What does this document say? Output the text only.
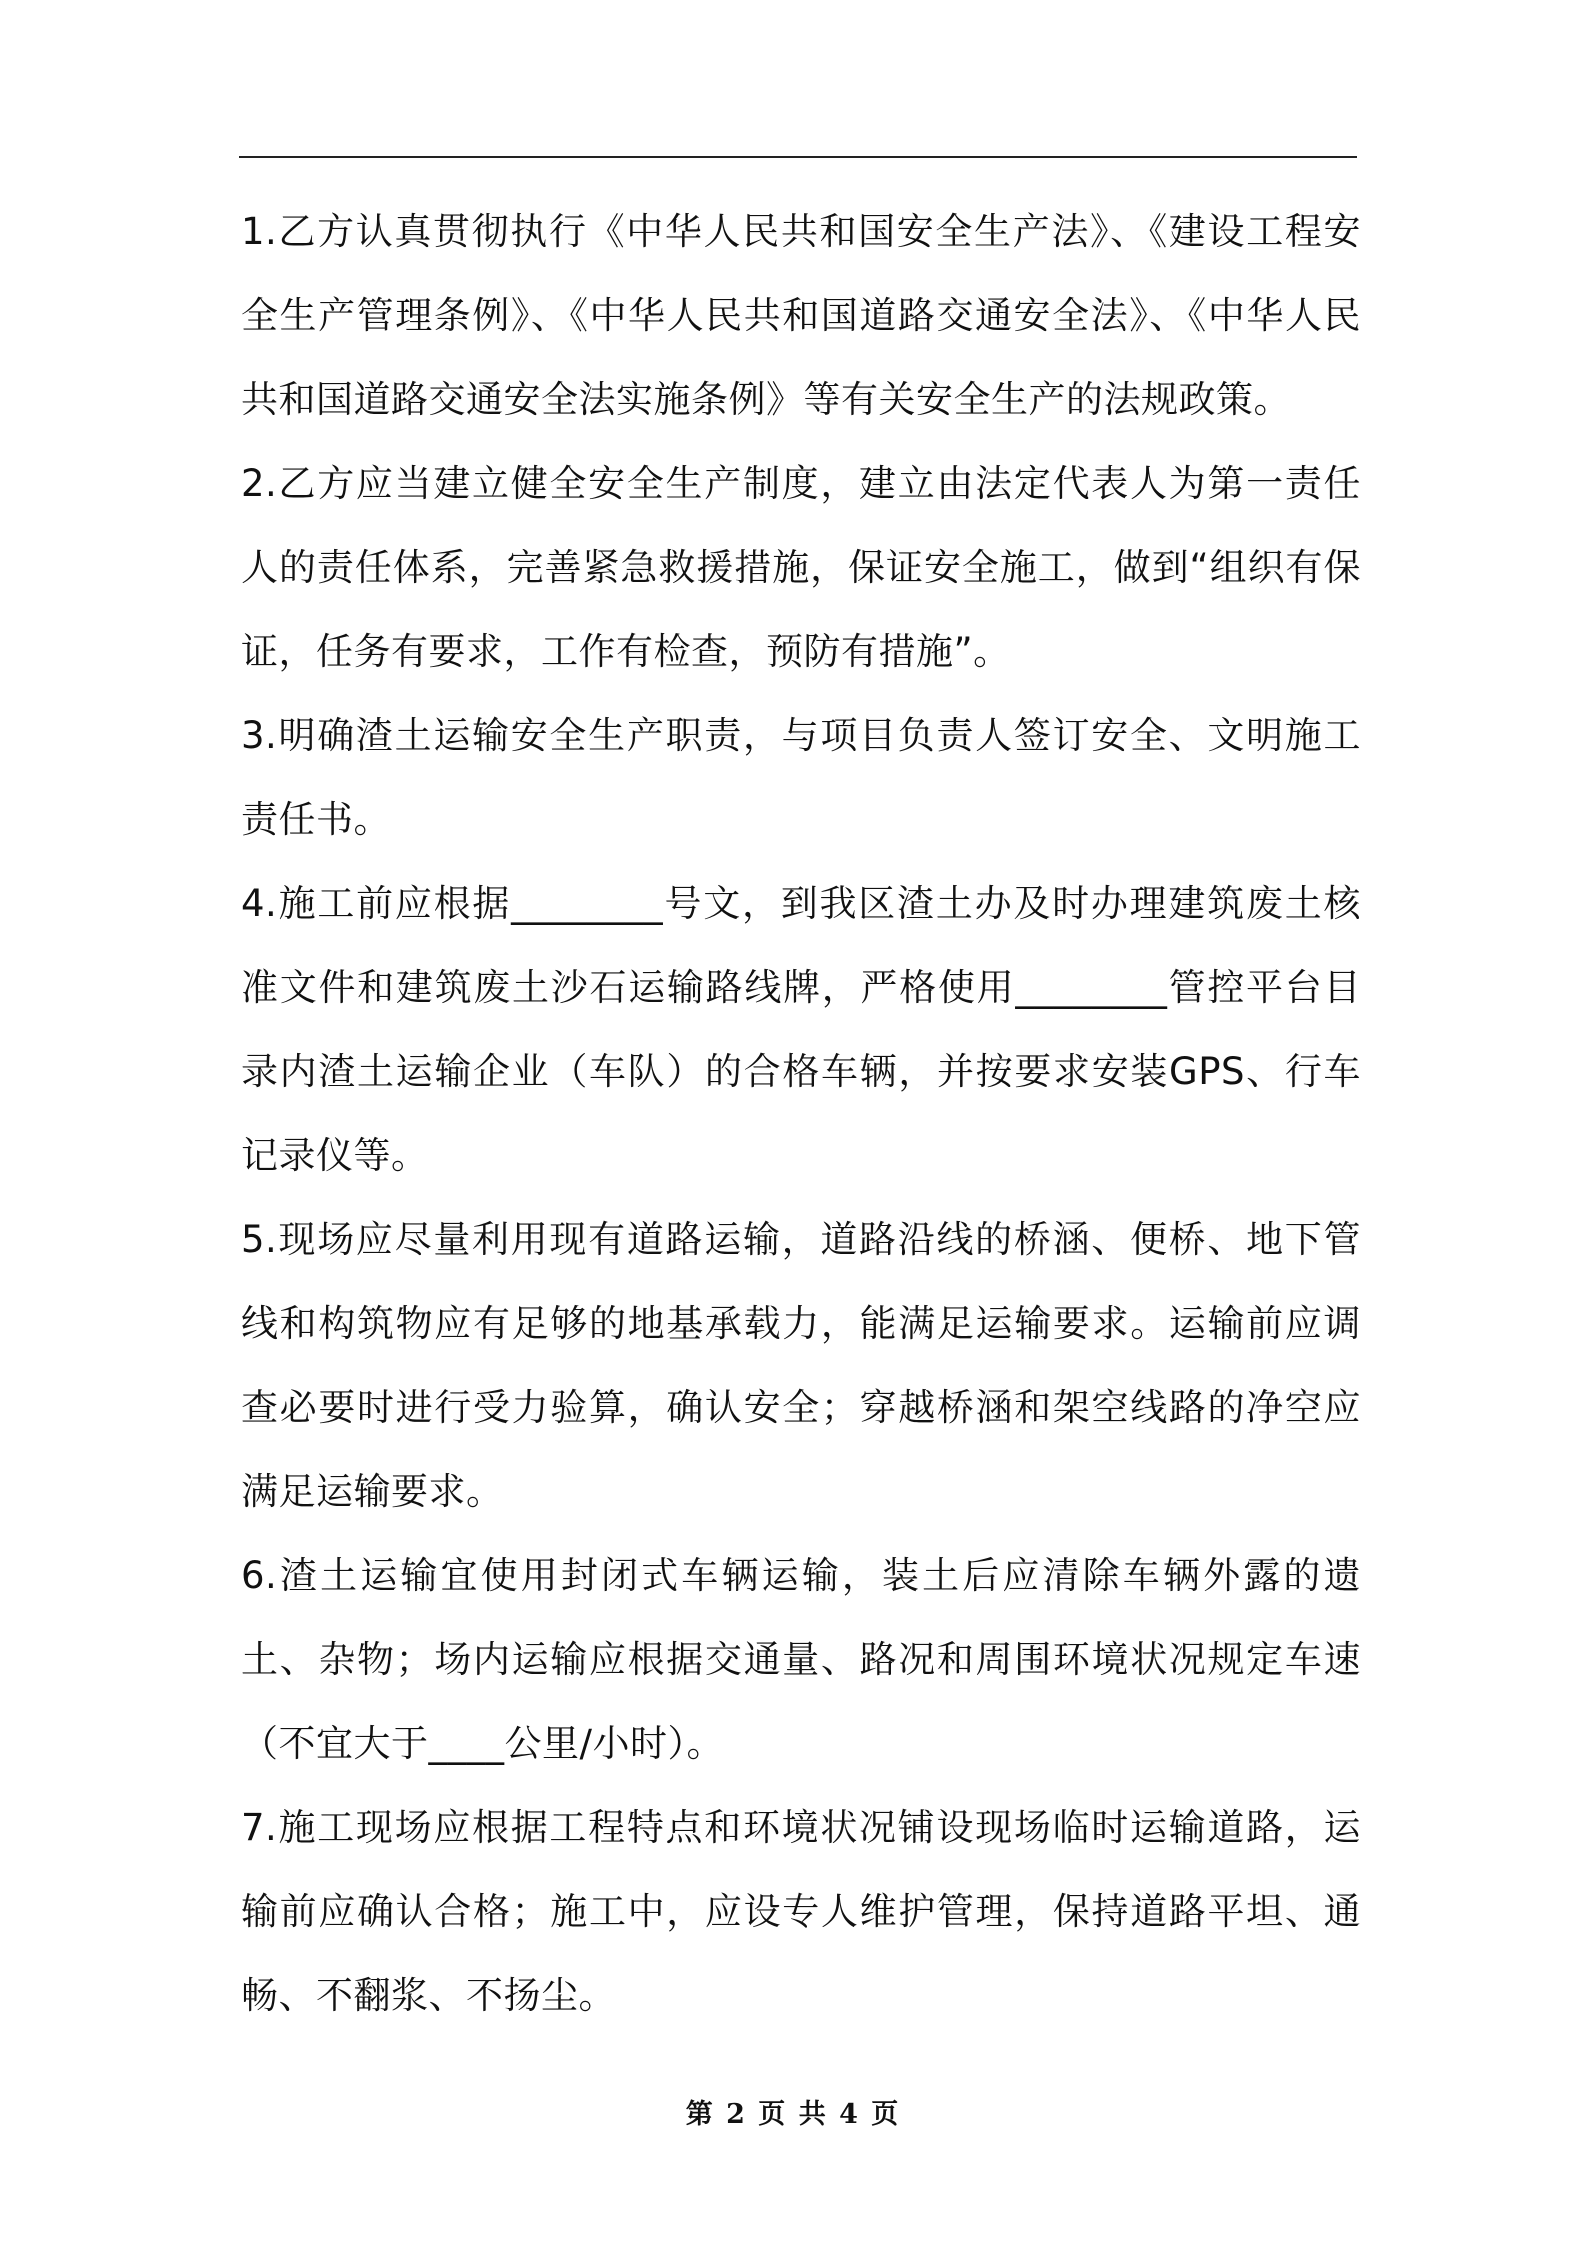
1.乙方认真贯彻执行《中华人民共和国安全生产法》、《建设工程安全生产管理条例》、《中华人民共和国道路交通安全法》、《中华人民共和国道路交通安全法实施条例》等有关安全生产的法规政策。

2.乙方应当建立健全安全生产制度，建立由法定代表人为第一责任人的责任体系，完善紧急救援措施，保证安全施工，做到“组织有保证，任务有要求，工作有检查，预防有措施”。

3.明确渣土运输安全生产职责，与项目负责人签订安全、文明施工责任书。

4.施工前应根据________号文，到我区渣土办及时办理建筑废土核准文件和建筑废土沙石运输路线牌，严格使用________管控平台目录内渣土运输企业（车队）的合格车辆，并按要求安装GPS、行车记录仪等。

5.现场应尽量利用现有道路运输，道路沿线的桥涵、便桥、地下管线和构筑物应有足够的地基承载力，能满足运输要求。运输前应调查必要时进行受力验算，确认安全；穿越桥涵和架空线路的净空应满足运输要求。

6.渣土运输宜使用封闭式车辆运输，装土后应清除车辆外露的遗土、杂物；场内运输应根据交通量、路况和周围环境状况规定车速（不宜大于____公里/小时）。

7.施工现场应根据工程特点和环境状况铺设现场临时运输道路，运输前应确认合格；施工中，应设专人维护管理，保持道路平坦、通畅、不翻浆、不扬尘。

第 2 页 共 4 页
